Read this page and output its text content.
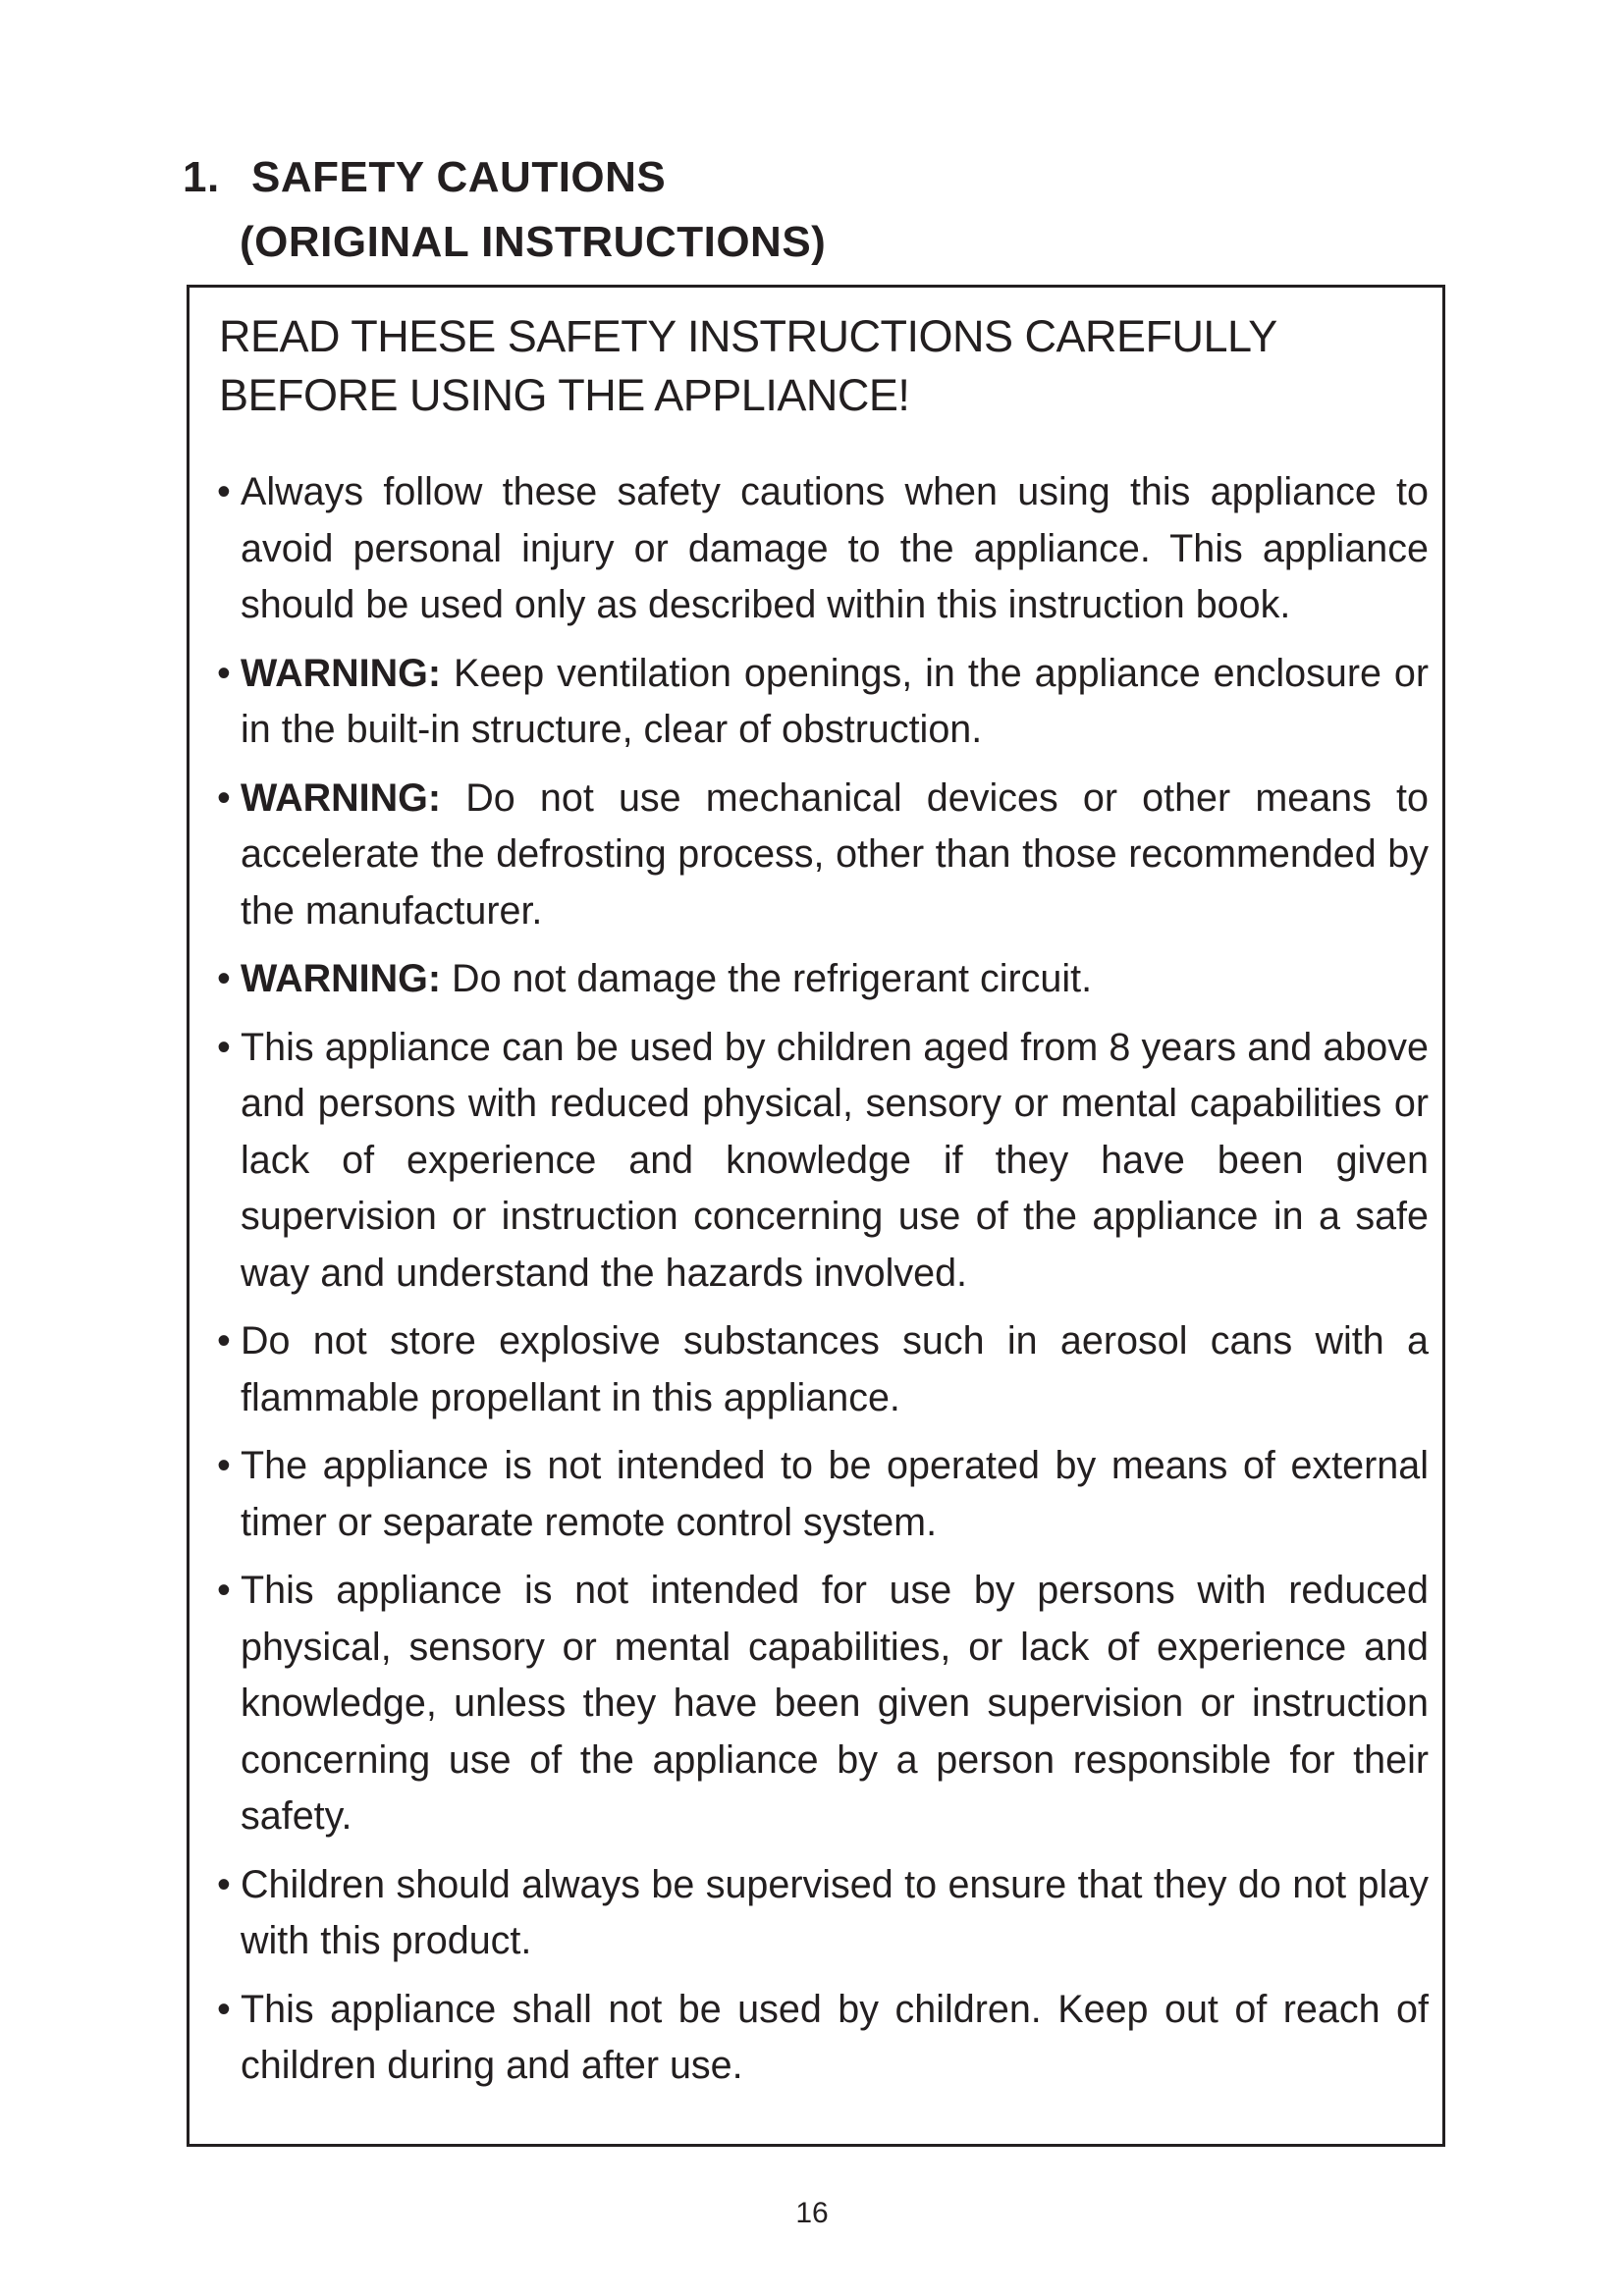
1. SAFETY CAUTIONS
(ORIGINAL INSTRUCTIONS)
READ THESE SAFETY INSTRUCTIONS CAREFULLY BEFORE USING THE APPLIANCE!
• Always follow these safety cautions when using this appliance to avoid personal injury or damage to the appliance. This appliance should be used only as described within this instruction book.
• WARNING: Keep ventilation openings, in the appliance enclosure or in the built-in structure, clear of obstruction.
• WARNING: Do not use mechanical devices or other means to accelerate the defrosting process, other than those recommended by the manufacturer.
• WARNING: Do not damage the refrigerant circuit.
• This appliance can be used by children aged from 8 years and above and persons with reduced physical, sensory or mental capabilities or lack of experience and knowledge if they have been given supervision or instruction concerning use of the appliance in a safe way and understand the hazards involved.
• Do not store explosive substances such in aerosol cans with a flammable propellant in this appliance.
• The appliance is not intended to be operated by means of external timer or separate remote control system.
• This appliance is not intended for use by persons with reduced physical, sensory or mental capabilities, or lack of experience and knowledge, unless they have been given supervision or instruction concerning use of the appliance by a person responsible for their safety.
• Children should always be supervised to ensure that they do not play with this product.
• This appliance shall not be used by children. Keep out of reach of children during and after use.
16
